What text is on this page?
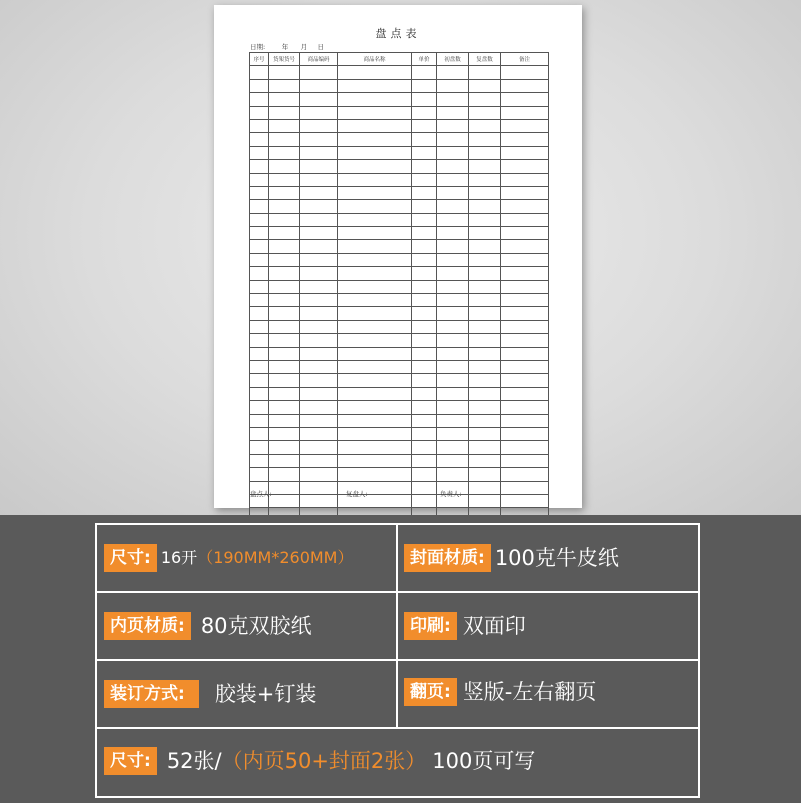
盘点表
日期:        年      月     日
序号	货架货号	商品编码	商品名称	单价	初盘数	复盘数	备注

盘点人:	复盘人:	负责人:
尺寸: 16开 （190MM*260MM）	封面材质: 100克牛皮纸
内页材质: 80克双胶纸	印刷: 双面印
装订方式:	胶装+钉装	翻页: 竖版-左右翻页
尺寸: 52张/ （内页50+封面2张） 100页可写
